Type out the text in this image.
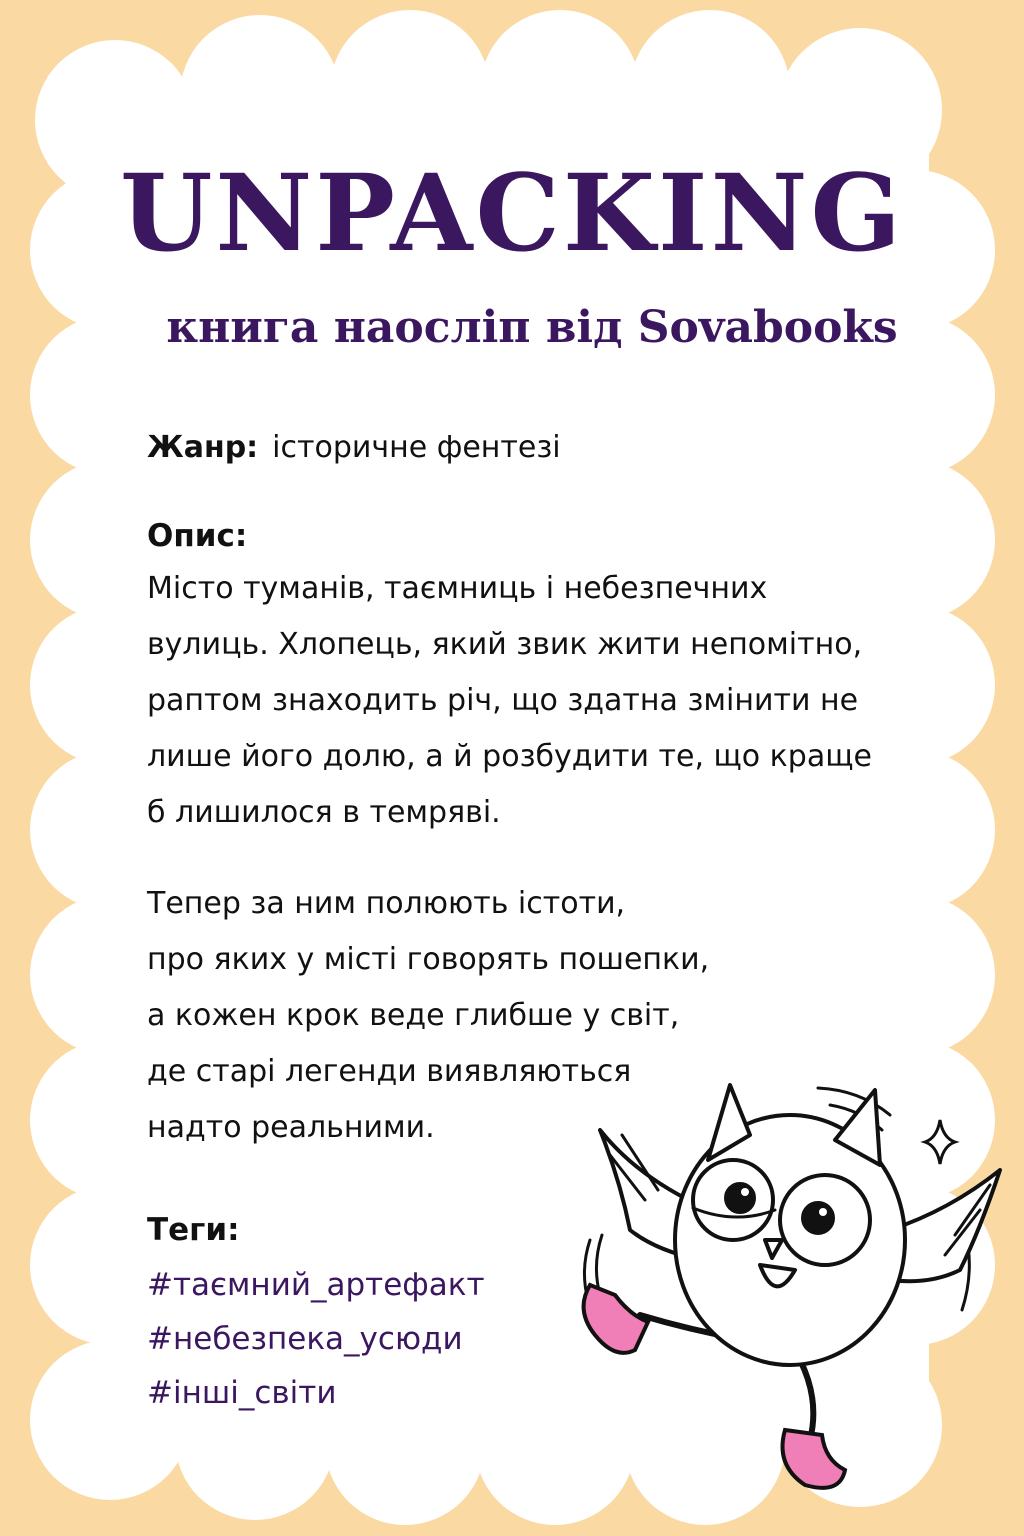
UNPACKING
книга наосліп від Sovabooks
Жанр: історичне фентезі
Опис:
Місто туманів, таємниць і небезпечних
вулиць. Хлопець, який звик жити непомітно,
раптом знаходить річ, що здатна змінити не
лише його долю, а й розбудити те, що краще
б лишилося в темряві.
Тепер за ним полюють істоти,
про яких у місті говорять пошепки,
а кожен крок веде глибше у світ,
де старі легенди виявляються
надто реальними.
Теги:
#таємний_артефакт
#небезпека_усюди
#інші_світи
